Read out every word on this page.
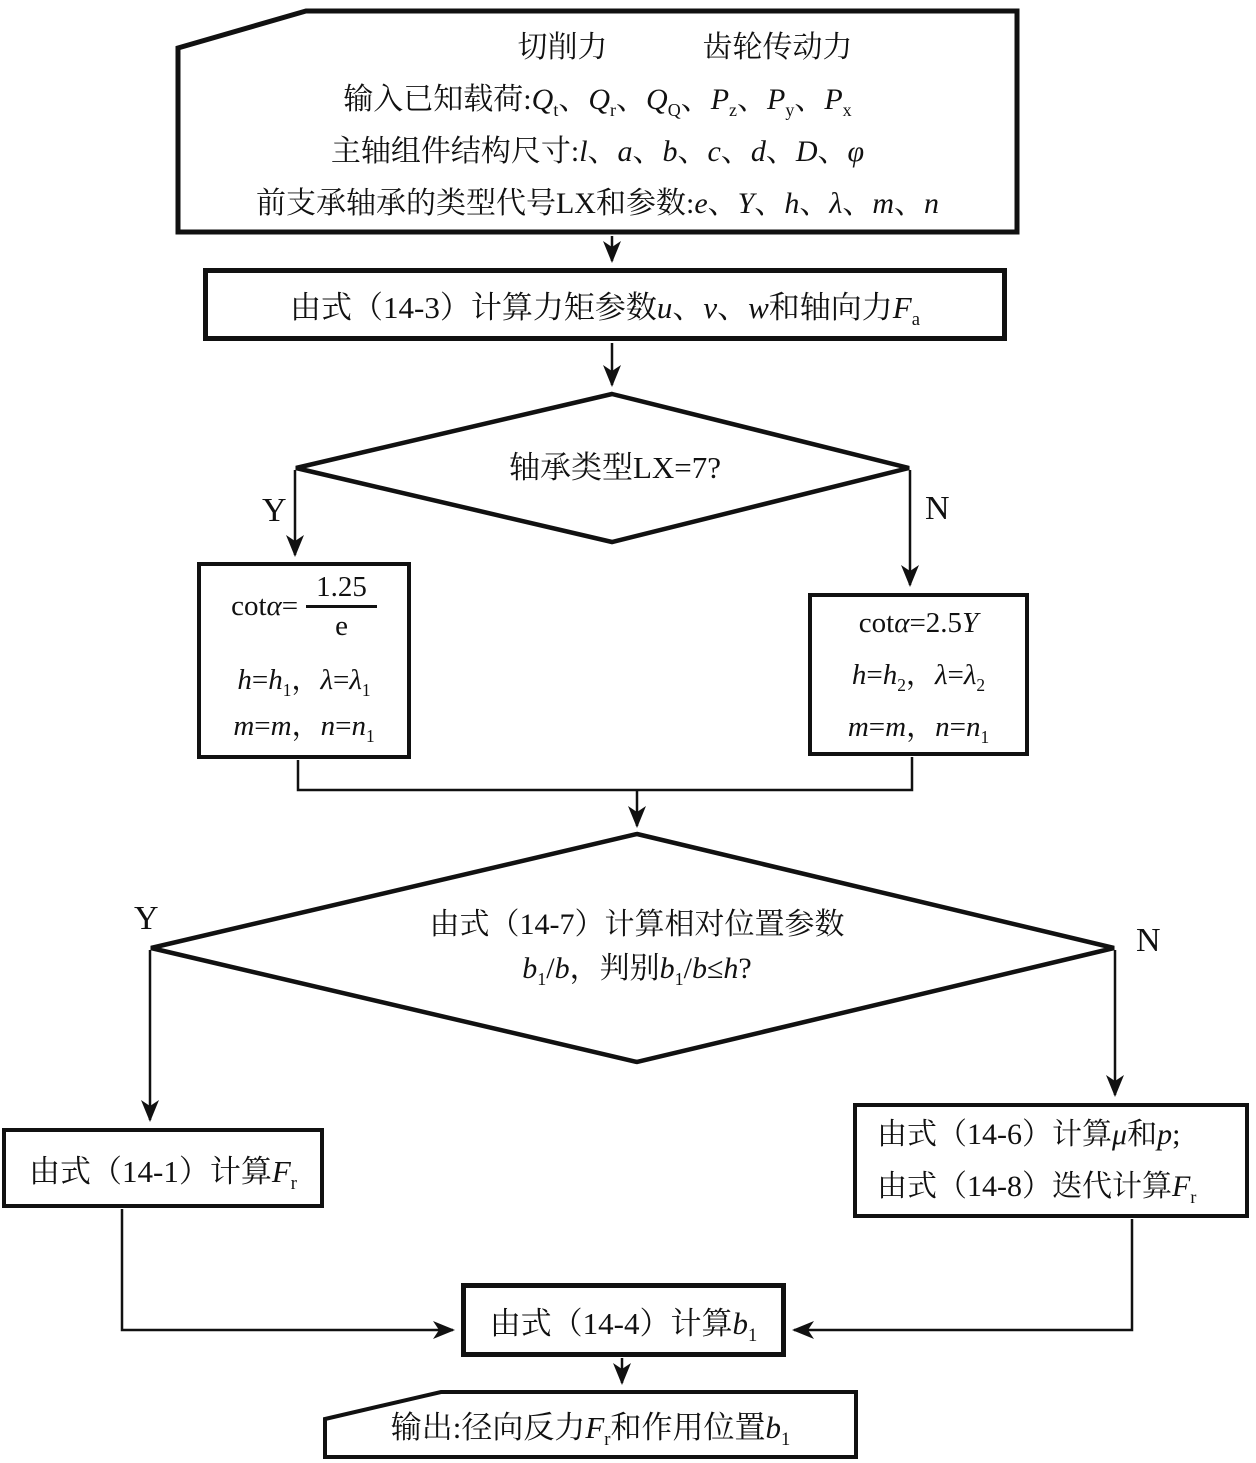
切削力	齿轮传动力
输入已知载荷$:Q_t$、$Q_r$、$Q_Q$、$P_z$、$P_y$、$P_x$
主轴组件结构尺寸:l、a、b、c、d、D、φ
前支承轴承的类型代号LX和参数:e、Y、h、λ、m、n
由式（14-3）计算力矩参数u、v、w和轴向力$F_a$
轴承类型LX=7?
Y	N
$\cot\alpha= \frac{1.25}{e}$
$h=h_1$，$\lambda=\lambda_1$
m=m，$n=n_1$
cotα=2.5Y
$h=h_2$，$\lambda=\lambda_2$
m=m，$n=n_1$
由式（14-7）计算相对位置参数
$b_1/b$，判别$b_1/b\le h$?
Y
N
由式（14-1）计算$F_r$
由式（14-6）计算μ和p;
由式（14-8）迭代计算$F_r$
由式（14-4）计算$b_1$
输出:径向反力$F_r$和作用位置$b_1$
